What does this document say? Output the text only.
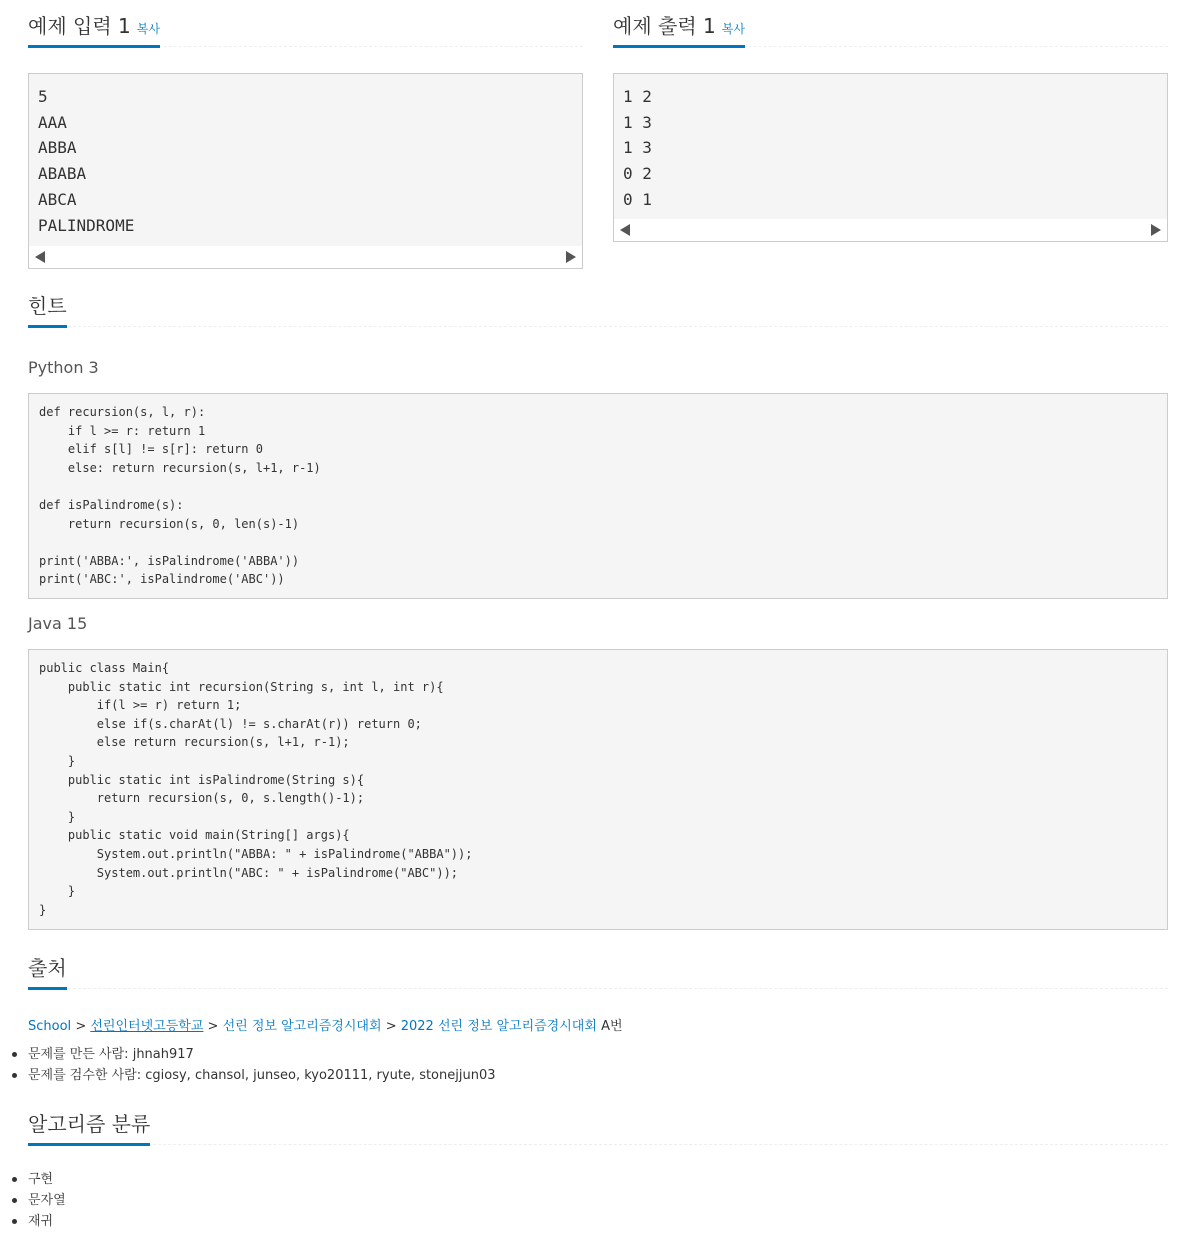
예제 입력 1 복사
5
AAA
ABBA
ABABA
ABCA
PALINDROME
예제 출력 1 복사
1 2
1 3
1 3
0 2
0 1
힌트
Python 3
def recursion(s, l, r):
if l >= r: return 1
elif s[l] != s[r]: return 0
else: return recursion(s, l+1, r-1)

def isPalindrome(s):
return recursion(s, 0, len(s)-1)

print('ABBA:', isPalindrome('ABBA'))
print('ABC:', isPalindrome('ABC'))
Java 15
public class Main{
public static int recursion(String s, int l, int r){
if(l >= r) return 1;
else if(s.charAt(l) != s.charAt(r)) return 0;
else return recursion(s, l+1, r-1);
}
public static int isPalindrome(String s){
return recursion(s, 0, s.length()-1);
}
public static void main(String[] args){
System.out.println("ABBA: " + isPalindrome("ABBA"));
System.out.println("ABC: " + isPalindrome("ABC"));
}
}
출처
School > 선린인터넷고등학교 > 선린 정보 알고리즘경시대회 > 2022 선린 정보 알고리즘경시대회 A번
문제를 만든 사람: jhnah917
문제를 검수한 사람: cgiosy, chansol, junseo, kyo20111, ryute, stonejjun03
알고리즘 분류
구현
문자열
재귀
